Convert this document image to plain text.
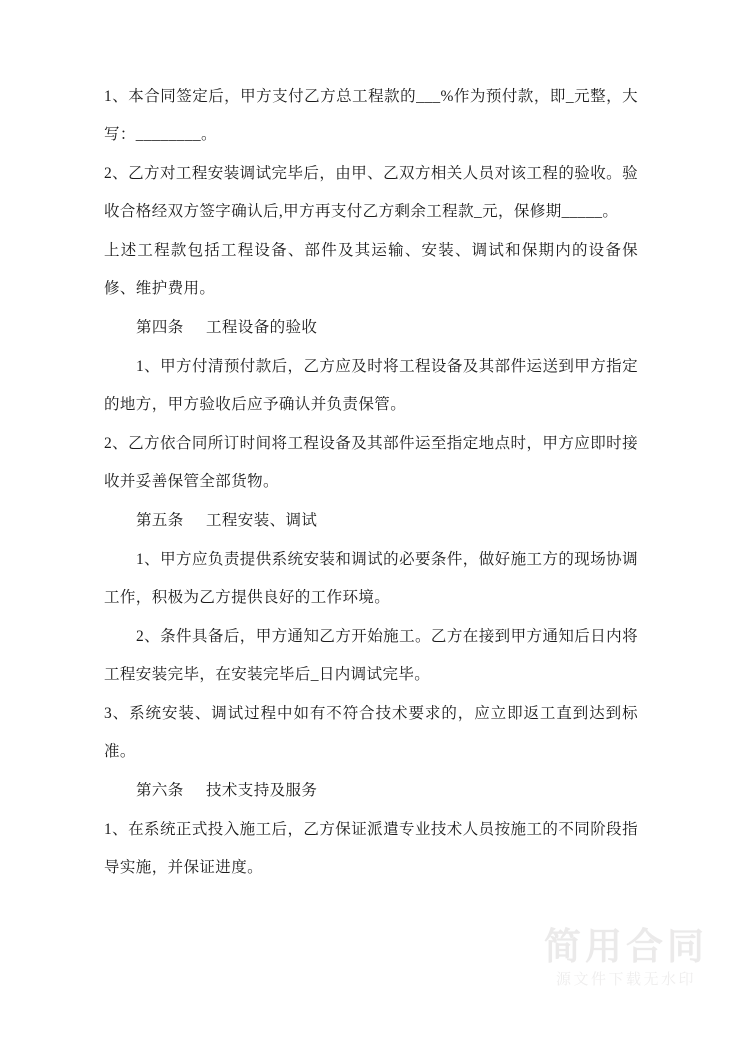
1、本合同签定后，甲方支付乙方总工程款的___%作为预付款，即_元整，大写：________。

2、乙方对工程安装调试完毕后，由甲、乙双方相关人员对该工程的验收。验收合格经双方签字确认后,甲方再支付乙方剩余工程款_元，保修期_____。

上述工程款包括工程设备、部件及其运输、安装、调试和保期内的设备保修、维护费用。

第四条 工程设备的验收

1、甲方付清预付款后，乙方应及时将工程设备及其部件运送到甲方指定的地方，甲方验收后应予确认并负责保管。

2、乙方依合同所订时间将工程设备及其部件运至指定地点时，甲方应即时接收并妥善保管全部货物。

第五条 工程安装、调试

1、甲方应负责提供系统安装和调试的必要条件，做好施工方的现场协调工作，积极为乙方提供良好的工作环境。

2、条件具备后，甲方通知乙方开始施工。乙方在接到甲方通知后日内将工程安装完毕，在安装完毕后_日内调试完毕。

3、系统安装、调试过程中如有不符合技术要求的，应立即返工直到达到标准。

第六条 技术支持及服务

1、在系统正式投入施工后，乙方保证派遣专业技术人员按施工的不同阶段指导实施，并保证进度。

简用合同
源文件下载无水印
